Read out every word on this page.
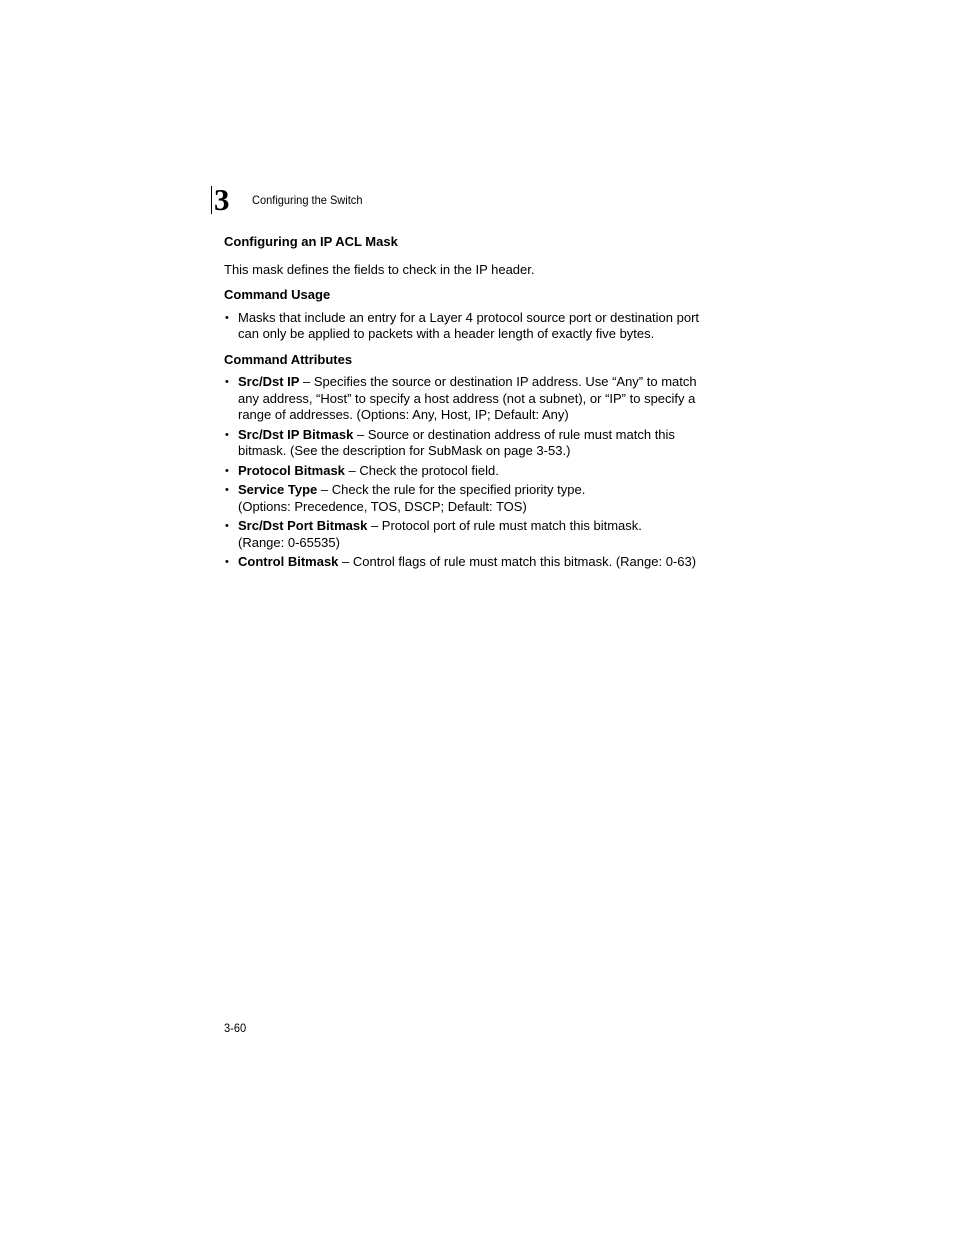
3	Configuring the Switch
Configuring an IP ACL Mask
This mask defines the fields to check in the IP header.
Command Usage
• Masks that include an entry for a Layer 4 protocol source port or destination port can only be applied to packets with a header length of exactly five bytes.
Command Attributes
• Src/Dst IP – Specifies the source or destination IP address. Use “Any” to match any address, “Host” to specify a host address (not a subnet), or “IP” to specify a range of addresses. (Options: Any, Host, IP; Default: Any)
• Src/Dst IP Bitmask – Source or destination address of rule must match this bitmask. (See the description for SubMask on page 3-53.)
• Protocol Bitmask – Check the protocol field.
• Service Type – Check the rule for the specified priority type.
(Options: Precedence, TOS, DSCP; Default: TOS)
• Src/Dst Port Bitmask – Protocol port of rule must match this bitmask.
(Range: 0-65535)
• Control Bitmask – Control flags of rule must match this bitmask. (Range: 0-63)
3-60
